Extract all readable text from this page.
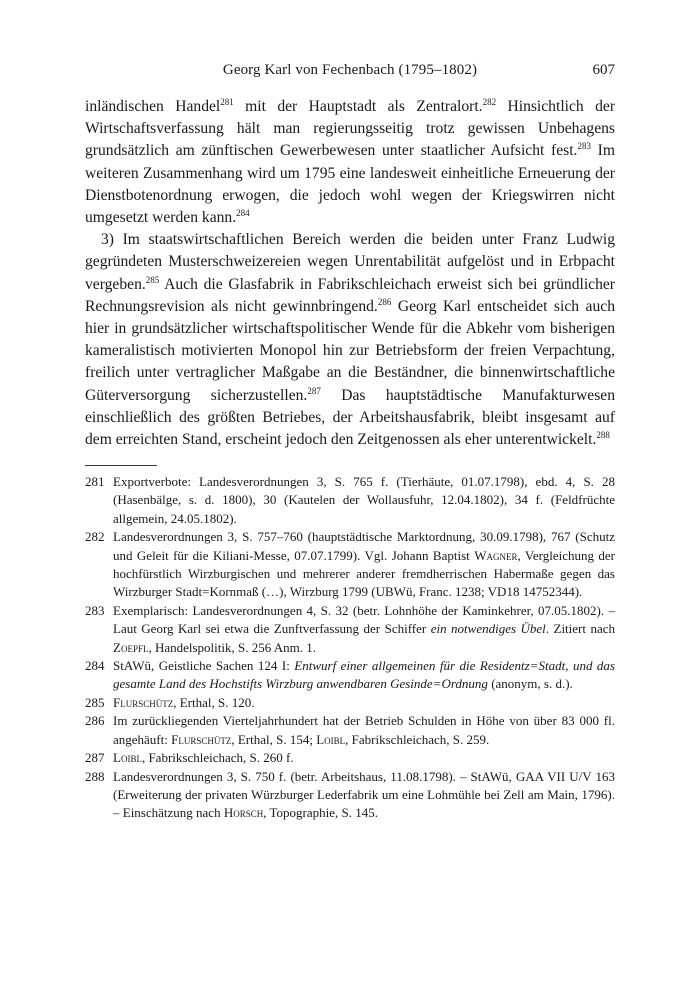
Georg Karl von Fechenbach (1795–1802)	607

inländischen Handel$^{281}$ mit der Hauptstadt als Zentralort.$^{282}$ Hinsichtlich der Wirtschaftsverfassung hält man regierungsseitig trotz gewissen Unbehagens grundsätzlich am zünftischen Gewerbewesen unter staatlicher Aufsicht fest.$^{283}$ Im weiteren Zusammenhang wird um 1795 eine landesweit einheitliche Erneuerung der Dienstbotenordnung erwogen, die jedoch wohl wegen der Kriegswirren nicht umgesetzt werden kann.$^{284}$

3) Im staatswirtschaftlichen Bereich werden die beiden unter Franz Ludwig gegründeten Musterschweizereien wegen Unrentabilität aufgelöst und in Erbpacht vergeben.$^{285}$ Auch die Glasfabrik in Fabrikschleichach erweist sich bei gründlicher Rechnungsrevision als nicht gewinnbringend.$^{286}$ Georg Karl entscheidet sich auch hier in grundsätzlicher wirtschaftspolitischer Wende für die Abkehr vom bisherigen kameralistisch motivierten Monopol hin zur Betriebsform der freien Verpachtung, freilich unter vertraglicher Maßgabe an die Beständner, die binnenwirtschaftliche Güterversorgung sicherzustellen.$^{287}$ Das hauptstädtische Manufakturwesen einschließlich des größten Betriebes, der Arbeitshausfabrik, bleibt insgesamt auf dem erreichten Stand, erscheint jedoch den Zeitgenossen als eher unterentwickelt.$^{288}$

281 Exportverbote: Landesverordnungen 3, S. 765 f. (Tierhäute, 01.07.1798), ebd. 4, S. 28 (Hasenbälge, s. d. 1800), 30 (Kautelen der Wollausfuhr, 12.04.1802), 34 f. (Feldfrüchte allgemein, 24.05.1802).
282 Landesverordnungen 3, S. 757–760 (hauptstädtische Marktordnung, 30.09.1798), 767 (Schutz und Geleit für die Kiliani-Messe, 07.07.1799). Vgl. Johann Baptist Wagner, Vergleichung der hochfürstlich Wirzburgischen und mehrerer anderer fremdherrischen Habermaße gegen das Wirzburger Stadt=Kornmaß (…), Wirzburg 1799 (UBWü, Franc. 1238; VD18 14752344).
283 Exemplarisch: Landesverordnungen 4, S. 32 (betr. Lohnhöhe der Kaminkehrer, 07.05.1802). – Laut Georg Karl sei etwa die Zunftverfassung der Schiffer ein notwendiges Übel. Zitiert nach Zoepfl, Handelspolitik, S. 256 Anm. 1.
284 StAWü, Geistliche Sachen 124 I: Entwurf einer allgemeinen für die Residentz=Stadt, und das gesamte Land des Hochstifts Wirzburg anwendbaren Gesinde=Ordnung (anonym, s. d.).
285 Flurschütz, Erthal, S. 120.
286 Im zurückliegenden Vierteljahrhundert hat der Betrieb Schulden in Höhe von über 83 000 fl. angehäuft: Flurschütz, Erthal, S. 154; Loibl, Fabrikschleichach, S. 259.
287 Loibl, Fabrikschleichach, S. 260 f.
288 Landesverordnungen 3, S. 750 f. (betr. Arbeitshaus, 11.08.1798). – StAWü, GAA VII U/V 163 (Erweiterung der privaten Würzburger Lederfabrik um eine Lohmühle bei Zell am Main, 1796). – Einschätzung nach Horsch, Topographie, S. 145.
